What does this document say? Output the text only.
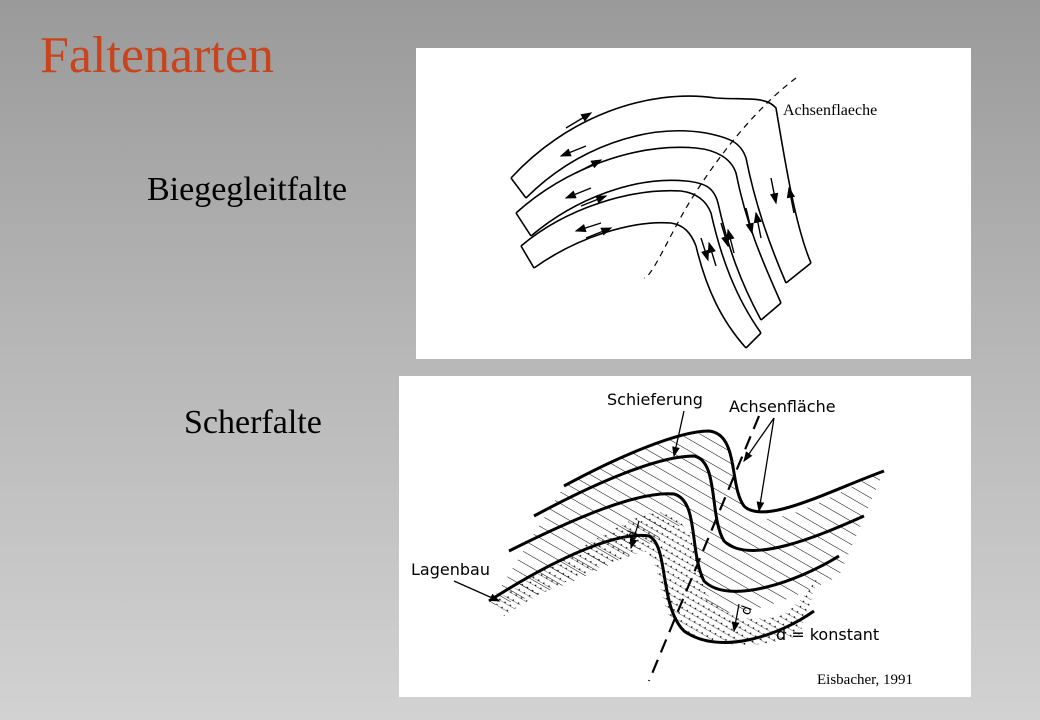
Faltenarten
Biegegleitfalte
Scherfalte
Achsenflaeche
Schieferung Achsenfläche
Lagenbau
d
d
d = konstant
Eisbacher, 1991
